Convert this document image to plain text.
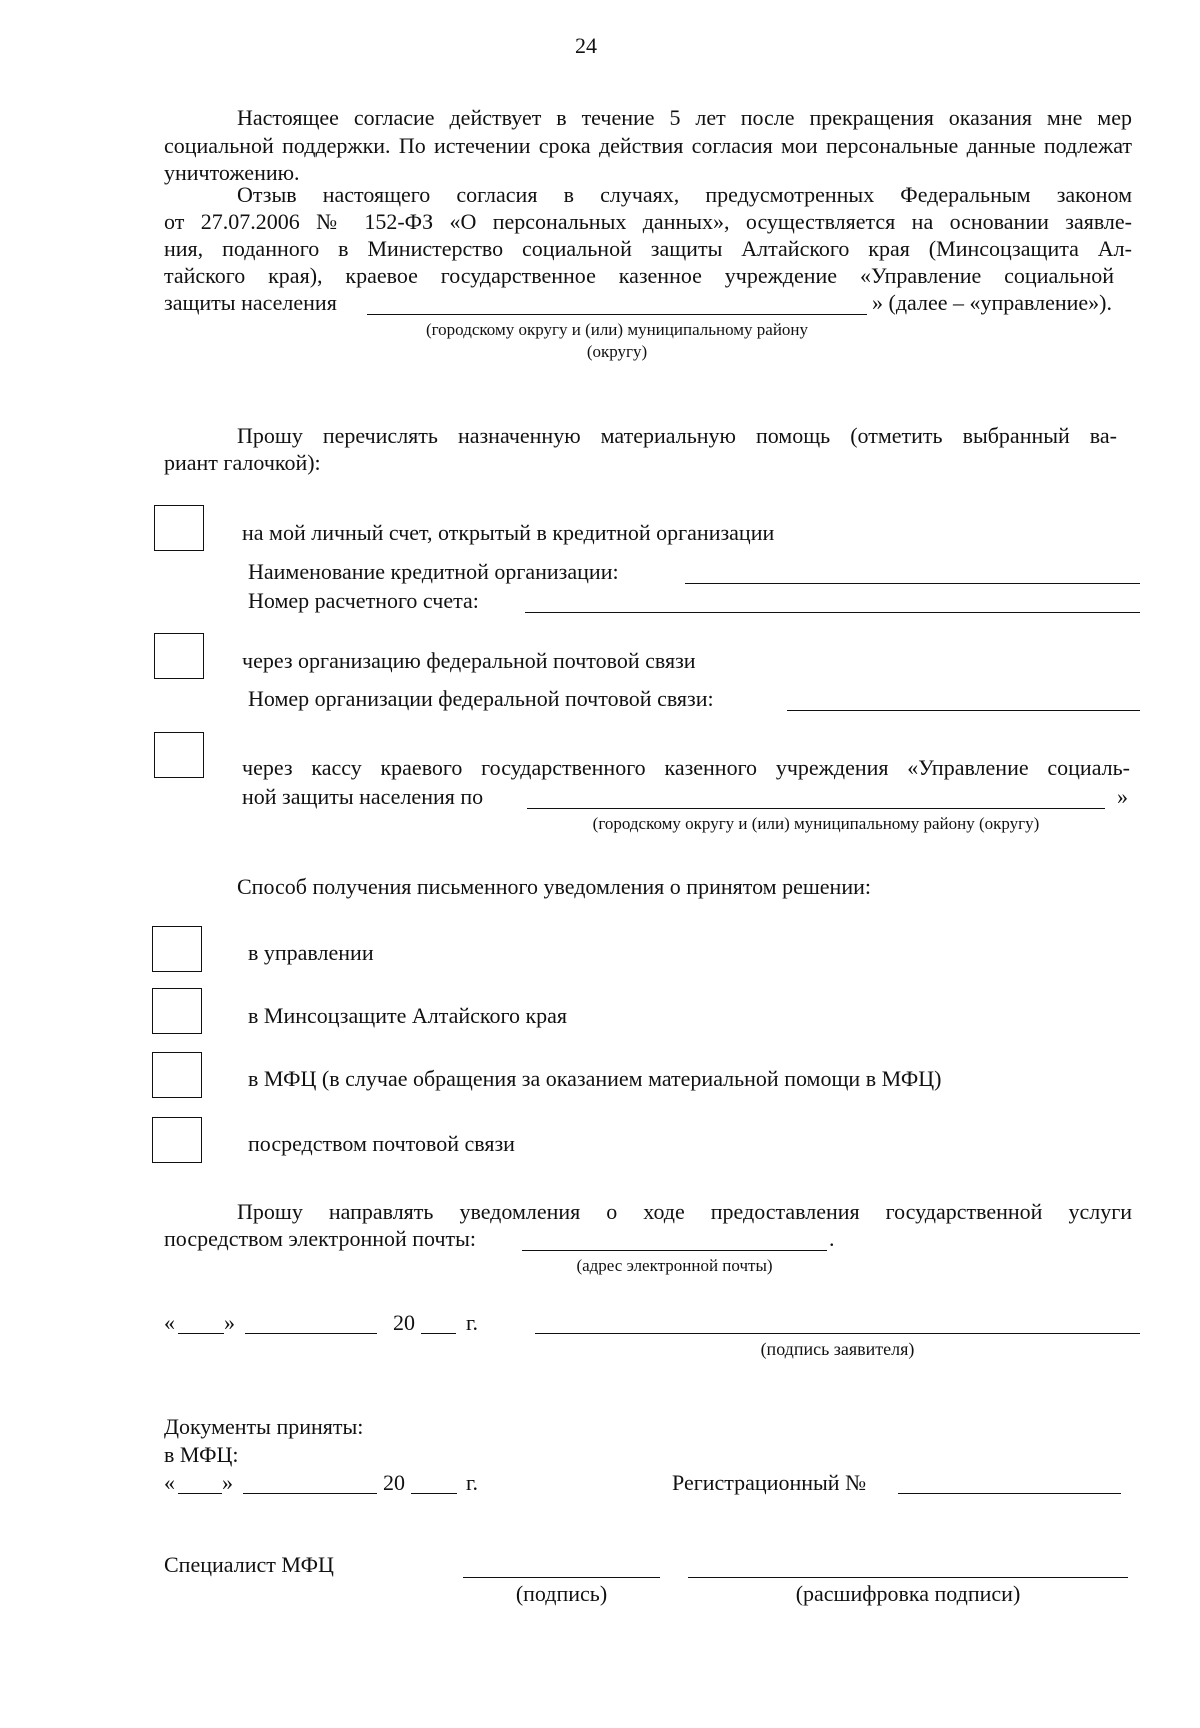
24
Настоящее согласие действует в течение 5 лет после прекращения оказания мне мер социальной поддержки. По истечении срока действия согласия мои персональные данные подлежат уничтожению.
Отзыв настоящего согласия в случаях, предусмотренных Федеральным законом
от 27.07.2006 № 152-ФЗ «О персональных данных», осуществляется на основании заявле-
ния, поданного в Министерство социальной защиты Алтайского края (Минсоцзащита Ал-
тайского края), краевое государственное казенное учреждение «Управление социальной
защиты населения	» (далее – «управление»).
(городскому округу и (или) муниципальному району
(округу)
Прошу перечислять назначенную материальную помощь (отметить выбранный ва-
риант галочкой):
на мой личный счет, открытый в кредитной организации
Наименование кредитной организации:
Номер расчетного счета:
через организацию федеральной почтовой связи
Номер организации федеральной почтовой связи:
через кассу краевого государственного казенного учреждения «Управление социаль-
ной защиты населения по	»
(городскому округу и (или) муниципальному району (округу)
Способ получения письменного уведомления о принятом решении:
в управлении
в Минсоцзащите Алтайского края
в МФЦ (в случае обращения за оказанием материальной помощи в МФЦ)
посредством почтовой связи
Прошу направлять уведомления о ходе предоставления государственной услуги
посредством электронной почты:	.
(адрес электронной почты)
« »	20 г.
(подпись заявителя)
Документы приняты:
в МФЦ:
« »	20	г.	Регистрационный №
Специалист МФЦ
(подпись)	(расшифровка подписи)
